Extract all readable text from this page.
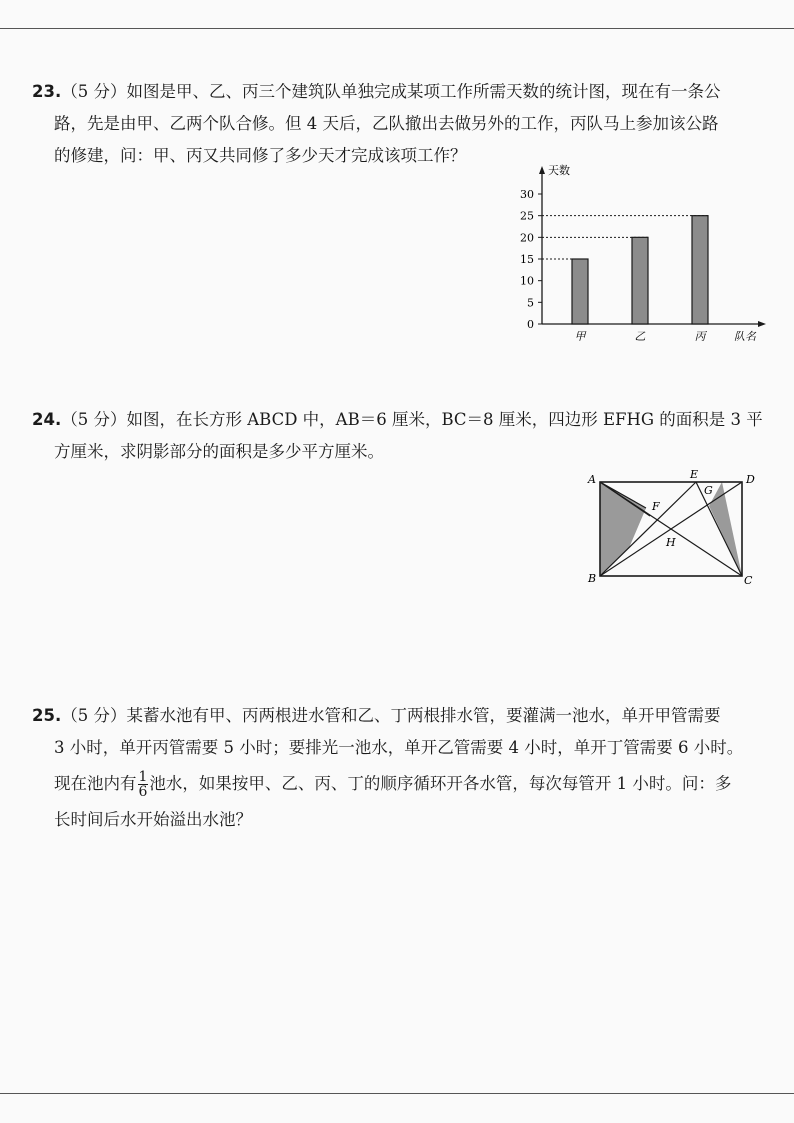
23.（5 分）如图是甲、乙、丙三个建筑队单独完成某项工作所需天数的统计图，现在有一条公
路，先是由甲、乙两个队合修。但 4 天后，乙队撤出去做另外的工作，丙队马上参加该公路
的修建，问：甲、丙又共同修了多少天才完成该项工作？
天数
队名
0
5
10
15
20
25
30
甲	乙	丙
24.（5 分）如图，在长方形 ABCD 中，AB＝6 厘米，BC＝8 厘米，四边形 EFHG 的面积是 3 平
方厘米，求阴影部分的面积是多少平方厘米。
A	E	D
G
F
H
B	C
25.（5 分）某蓄水池有甲、丙两根进水管和乙、丁两根排水管，要灌满一池水，单开甲管需要
3 小时，单开丙管需要 5 小时；要排光一池水，单开乙管需要 4 小时，单开丁管需要 6 小时。
现在池内有 $\frac{1}{6}$ 池水，如果按甲、乙、丙、丁的顺序循环开各水管，每次每管开 1 小时。问：多
长时间后水开始溢出水池？
